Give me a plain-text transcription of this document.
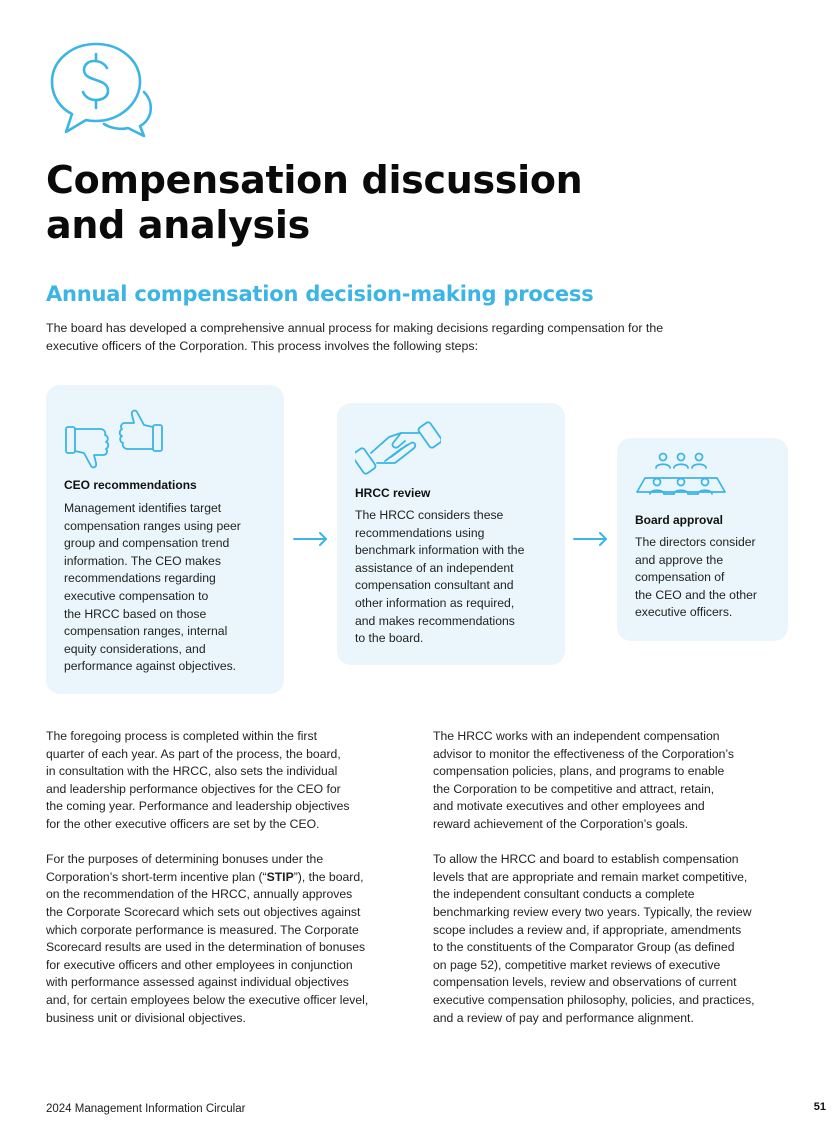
Compensation discussion
and analysis
Annual compensation decision-making process

The board has developed a comprehensive annual process for making decisions regarding compensation for the executive officers of the Corporation. This process involves the following steps:

CEO recommendations
Management identifies target
compensation ranges using peer
group and compensation trend
information. The CEO makes
recommendations regarding
executive compensation to
the HRCC based on those
compensation ranges, internal
equity considerations, and
performance against objectives.
HRCC review
The HRCC considers these
recommendations using
benchmark information with the
assistance of an independent
compensation consultant and
other information as required,
and makes recommendations
to the board.
Board approval
The directors consider
and approve the
compensation of
the CEO and the other
executive officers.

The foregoing process is completed within the first
quarter of each year. As part of the process, the board,
in consultation with the HRCC, also sets the individual
and leadership performance objectives for the CEO for
the coming year. Performance and leadership objectives
for the other executive officers are set by the CEO.

For the purposes of determining bonuses under the
Corporation’s short-term incentive plan (“STIP”), the board,
on the recommendation of the HRCC, annually approves
the Corporate Scorecard which sets out objectives against
which corporate performance is measured. The Corporate
Scorecard results are used in the determination of bonuses
for executive officers and other employees in conjunction
with performance assessed against individual objectives
and, for certain employees below the executive officer level,
business unit or divisional objectives.

The HRCC works with an independent compensation
advisor to monitor the effectiveness of the Corporation’s
compensation policies, plans, and programs to enable
the Corporation to be competitive and attract, retain,
and motivate executives and other employees and
reward achievement of the Corporation’s goals.

To allow the HRCC and board to establish compensation
levels that are appropriate and remain market competitive,
the independent consultant conducts a complete
benchmarking review every two years. Typically, the review
scope includes a review and, if appropriate, amendments
to the constituents of the Comparator Group (as defined
on page 52), competitive market reviews of executive
compensation levels, review and observations of current
executive compensation philosophy, policies, and practices,
and a review of pay and performance alignment.

2024 Management Information Circular	51
